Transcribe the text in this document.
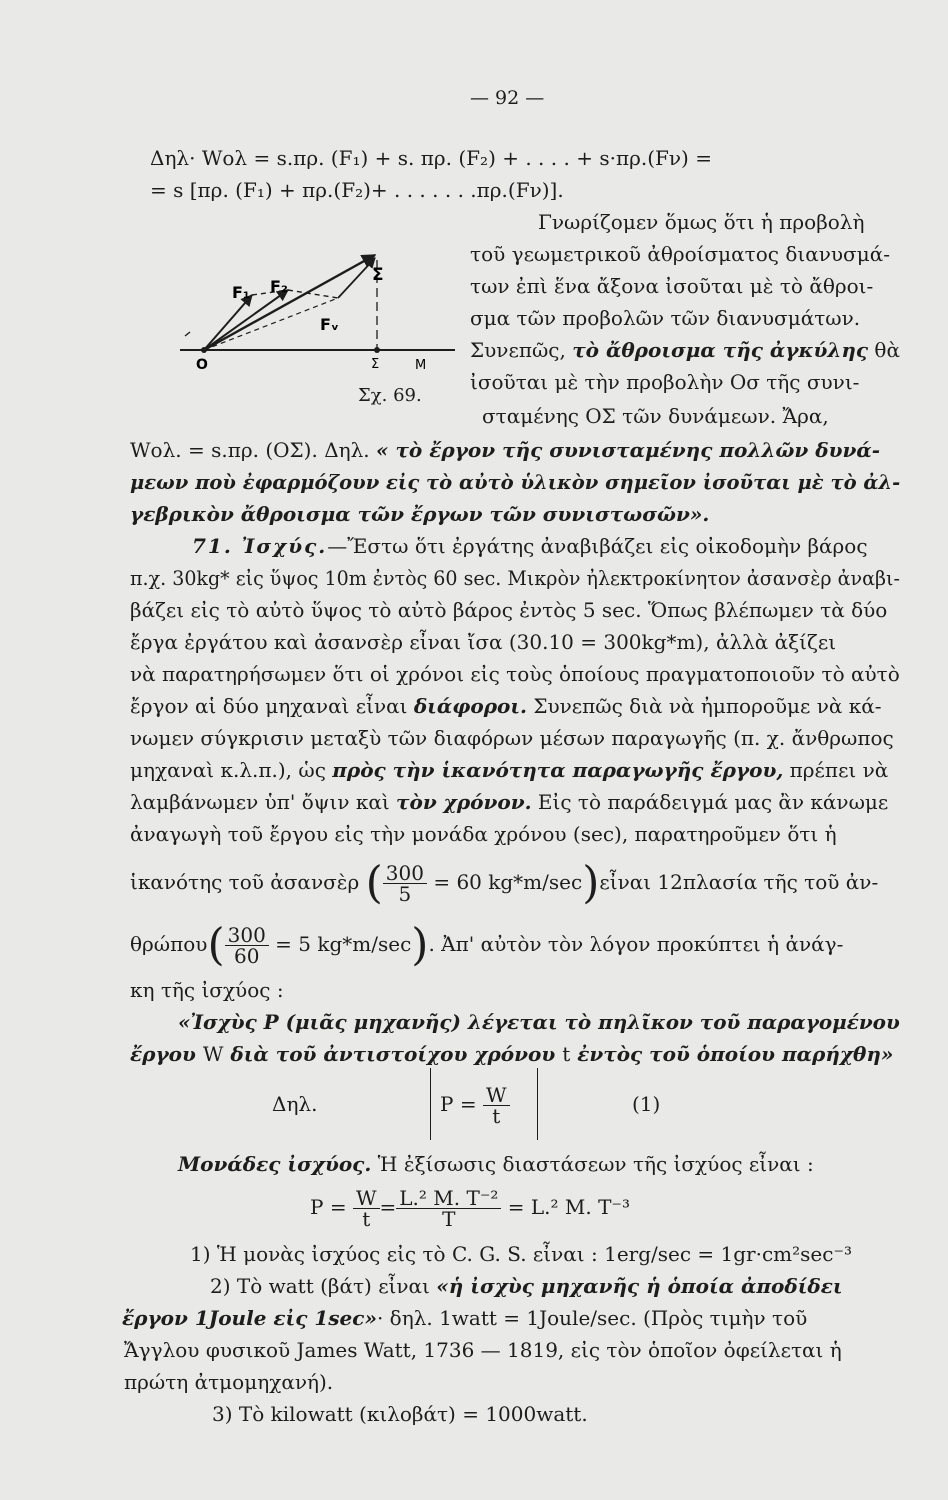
— 92 —
Δηλ· Wολ = s.πρ. (F₁) + s. πρ. (F₂) + . . . . + s·πρ.(Fν) =
= s [πρ. (F₁) + πρ.(F₂)+ . . . . . . .πρ.(Fν)].
Σ
F₁ F₂
Fᵥ
O	Σ	M
Σχ. 69.
Γνωρίζομεν ὅμως ὅτι ἡ προβολὴ
τοῦ γεωμετρικοῦ ἀθροίσματος διανυσμά-
των ἐπὶ ἕνα ἄξονα ἰσοῦται μὲ τὸ ἄθροι-
σμα τῶν προβολῶν τῶν διανυσμάτων.
Συνεπῶς, τὸ ἄθροισμα τῆς ἀγκύλης θὰ
ἰσοῦται μὲ τὴν προβολὴν Οσ τῆς συνι-
σταμένης ΟΣ τῶν δυνάμεων. Ἄρα,
Wολ. = s.πρ. (ΟΣ). Δηλ. « τὸ ἔργον τῆς συνισταμένης πολλῶν δυνά-
μεων ποὺ ἐφαρμόζουν εἰς τὸ αὐτὸ ὑλικὸν σημεῖον ἰσοῦται μὲ τὸ ἀλ-
γεβρικὸν ἄθροισμα τῶν ἔργων τῶν συνιστωσῶν».
71. Ἰσχύς.—Ἔστω ὅτι ἐργάτης ἀναβιβάζει εἰς οἰκοδομὴν βάρος
π.χ. 30kg* εἰς ὕψος 10m ἐντὸς 60 sec. Μικρὸν ἠλεκτροκίνητον ἀσανσὲρ ἀναβι-
βάζει εἰς τὸ αὐτὸ ὕψος τὸ αὐτὸ βάρος ἐντὸς 5 sec. Ὅπως βλέπωμεν τὰ δύο
ἔργα ἐργάτου καὶ ἀσανσὲρ εἶναι ἴσα (30.10 = 300kg*m), ἀλλὰ ἀξίζει
νὰ παρατηρήσωμεν ὅτι οἱ χρόνοι εἰς τοὺς ὁποίους πραγματοποιοῦν τὸ αὐτὸ
ἔργον αἱ δύο μηχαναὶ εἶναι διάφοροι. Συνεπῶς διὰ νὰ ἠμποροῦμε νὰ κά-
νωμεν σύγκρισιν μεταξὺ τῶν διαφόρων μέσων παραγωγῆς (π. χ. ἄνθρωπος
μηχαναὶ κ.λ.π.), ὡς πρὸς τὴν ἱκανότητα παραγωγῆς ἔργου, πρέπει νὰ
λαμβάνωμεν ὑπ' ὄψιν καὶ τὸν χρόνον. Εἰς τὸ παράδειγμά μας ἂν κάνωμε
ἀναγωγὴ τοῦ ἔργου εἰς τὴν μονάδα χρόνου (sec), παρατηροῦμεν ὅτι ἡ
ἱκανότης τοῦ ἀσανσὲρ ( $\frac{300}{5} = 60$ kg*m/sec)εἶναι 12πλασία τῆς τοῦ ἀν-
$\theta\rho ώ\pi o\upsilon( \frac{300}{60} = 5$ kg*m/sec). Ἀπ' αὐτὸν τὸν λόγον προκύπτει ἡ ἀνάγ-
κη τῆς ἰσχύος :
«Ἰσχὺς P (μιᾶς μηχανῆς) λέγεται τὸ πηλῖκον τοῦ παραγομένου
ἔργου W διὰ τοῦ ἀντιστοίχου χρόνου t ἐντὸς τοῦ ὁποίου παρήχθη»
Δηλ.	$P = \frac{W}{t}$	(1)
Μονάδες ἰσχύος. Ἡ ἐξίσωσις διαστάσεων τῆς ἰσχύος εἶναι :
$P = \frac{W}{t} = \frac{\text{L.² M. T⁻²}}{T} = L.^2$ M. T⁻³
1) Ἡ μονὰς ἰσχύος εἰς τὸ C. G. S. εἶναι : 1erg/sec = 1gr·cm²sec⁻³
2) Τὸ watt (βάτ) εἶναι «ἡ ἰσχὺς μηχανῆς ἡ ὁποία ἀποδίδει
ἔργον 1Joule εἰς 1sec»· δηλ. 1watt = 1Joule/sec. (Πρὸς τιμὴν τοῦ
Ἄγγλου φυσικοῦ James Watt, 1736 — 1819, εἰς τὸν ὁποῖον ὀφείλεται ἡ
πρώτη ἀτμομηχανή).
3) Τὸ kilowatt (κιλοβάτ) = 1000watt.
